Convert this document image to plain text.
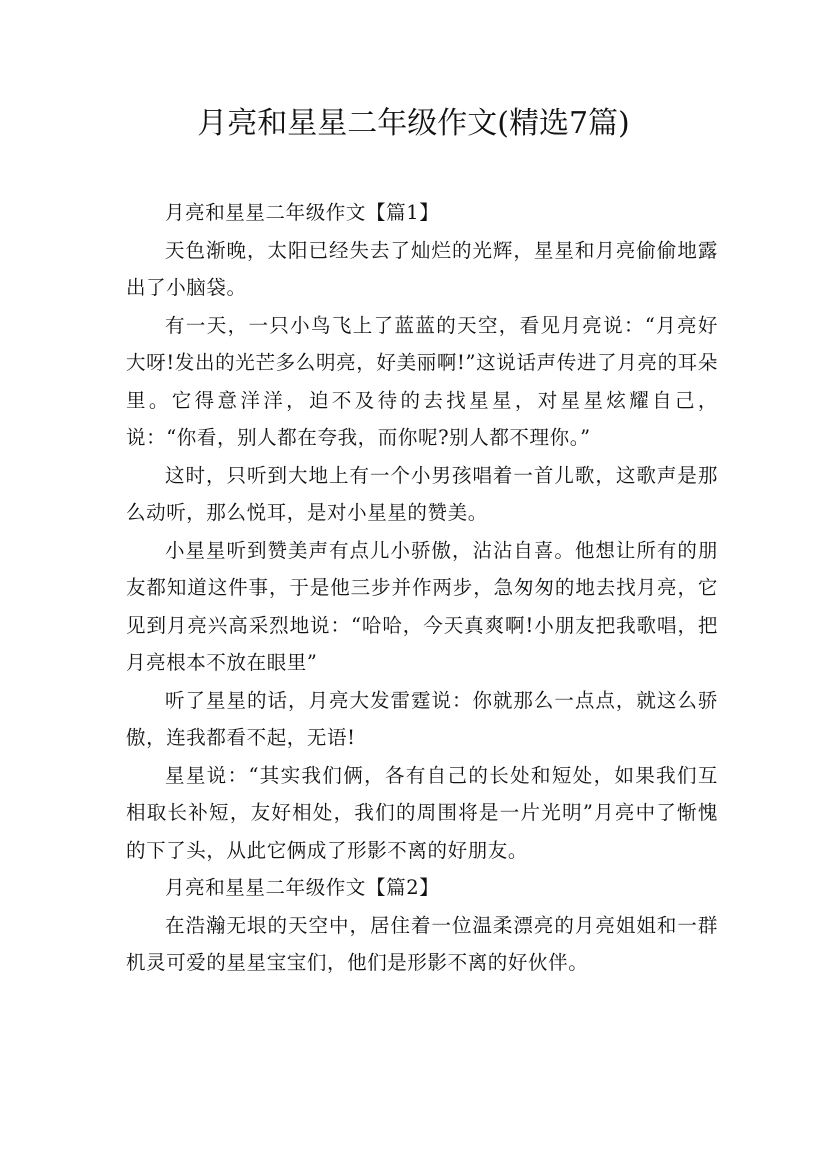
月亮和星星二年级作文(精选7篇)

月亮和星星二年级作文【篇1】

天色渐晚，太阳已经失去了灿烂的光辉，星星和月亮偷偷地露出了小脑袋。

有一天，一只小鸟飞上了蓝蓝的天空，看见月亮说：“月亮好大呀!发出的光芒多么明亮，好美丽啊!”这说话声传进了月亮的耳朵里。它得意洋洋，迫不及待的去找星星，对星星炫耀自己，说：“你看，别人都在夸我，而你呢?别人都不理你。”

这时，只听到大地上有一个小男孩唱着一首儿歌，这歌声是那么动听，那么悦耳，是对小星星的赞美。

小星星听到赞美声有点儿小骄傲，沾沾自喜。他想让所有的朋友都知道这件事，于是他三步并作两步，急匆匆的地去找月亮，它见到月亮兴高采烈地说：“哈哈，今天真爽啊!小朋友把我歌唱，把月亮根本不放在眼里”

听了星星的话，月亮大发雷霆说：你就那么一点点，就这么骄傲，连我都看不起，无语!

星星说：“其实我们俩，各有自己的长处和短处，如果我们互相取长补短，友好相处，我们的周围将是一片光明”月亮中了惭愧的下了头，从此它俩成了形影不离的好朋友。

月亮和星星二年级作文【篇2】

在浩瀚无垠的天空中，居住着一位温柔漂亮的月亮姐姐和一群机灵可爱的星星宝宝们，他们是形影不离的好伙伴。
